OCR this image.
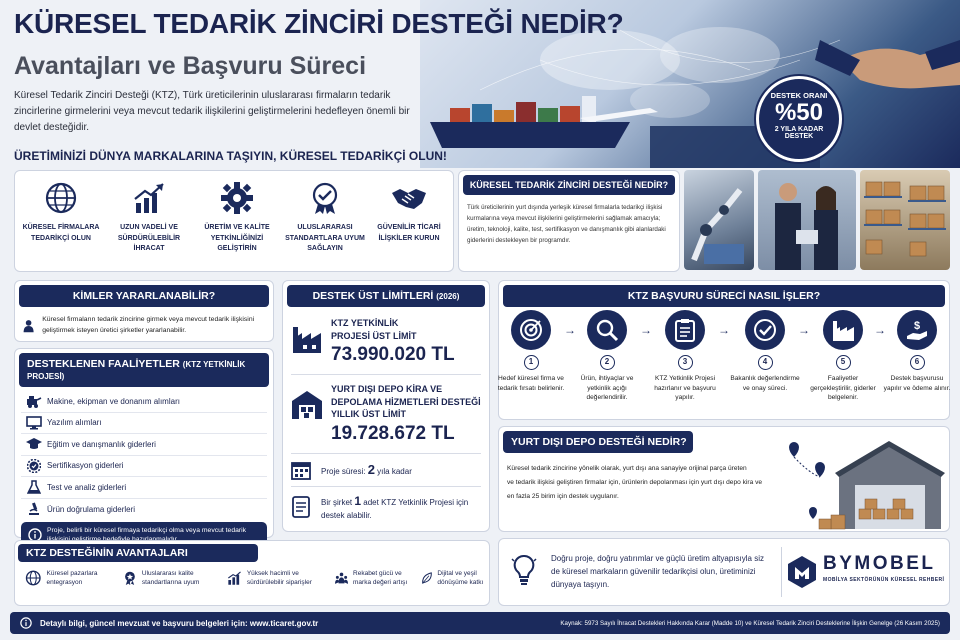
KÜRESEL TEDARİK ZİNCİRİ DESTEĞİ NEDİR?
Avantajları ve Başvuru Süreci
Küresel Tedarik Zinciri Desteği (KTZ), Türk üreticilerinin uluslararası firmaların tedarik zincirlerine girmelerini veya mevcut tedarik ilişkilerini geliştirmelerini hedefleyen önemli bir devlet desteğidir.
ÜRETİMİNİZİ DÜNYA MARKALARINA TAŞIYIN, KÜRESEL TEDARİKÇİ OLUN!
DESTEK ORANI
%50
2 YILA KADAR
DESTEK
KÜRESEL FİRMALARA TEDARİKÇİ OLUN
UZUN VADELİ VE SÜRDÜRÜLEBİLİR İHRACAT
ÜRETİM VE KALİTE YETKİNLİĞİNİZİ GELİŞTİRİN
ULUSLARARASI STANDARTLARA UYUM SAĞLAYIN
GÜVENİLİR TİCARİ İLİŞKİLER KURUN
KÜRESEL TEDARİK ZİNCİRİ DESTEĞİ NEDİR?
Türk üreticilerinin yurt dışında yerleşik küresel firmalarla tedarikçi ilişkisi kurmalarına veya mevcut ilişkilerini geliştirmelerini sağlamak amacıyla; üretim, teknoloji, kalite, test, sertifikasyon ve danışmanlık gibi alanlardaki giderlerini destekleyen bir programdır.
KİMLER YARARLANABİLİR?
Küresel firmaların tedarik zincirine girmek veya mevcut tedarik ilişkisini geliştirmek isteyen üretici şirketler yararlanabilir.
DESTEKLENEN FAALİYETLER (KTZ YETKİNLİK PROJESİ)
Makine, ekipman ve donanım alımları
Yazılım alımları
Eğitim ve danışmanlık giderleri
Sertifikasyon giderleri
Test ve analiz giderleri
Ürün doğrulama giderleri
Proje, belirli bir küresel firmaya tedarikçi olma veya mevcut tedarik
DESTEK ÜST LİMİTLERİ (2026)
KTZ YETKİNLİK PROJESİ ÜST LİMİT
73.990.020 TL
YURT DIŞI DEPO KİRA VE DEPOLAMA HİZMETLERİ DESTEĞİ YILLIK ÜST LİMİT
19.728.672 TL
Proje süresi: 2 yıla kadar
Bir şirket 1 adet KTZ Yetkinlik Projesi için destek alabilir.
KTZ BAŞVURU SÜRECİ NASIL İŞLER?
1
Hedef küresel firma ve tedarik fırsatı belirlenir.
→
2
Ürün, ihtiyaçlar ve yetkinlik açığı değerlendirilir.
→
3
KTZ Yetkinlik Projesi hazırlanır ve başvuru yapılır.
→
4
Bakanlık değerlendirme ve onay süreci.
→
5
Faaliyetler gerçekleştirilir, giderler belgelenir.
→	$
6
Destek başvurusu yapılır ve ödeme alınır.
YURT DIŞI DEPO DESTEĞİ NEDİR?
Küresel tedarik zincirine yönelik olarak, yurt dışı ana sanayiye orijinal parça üreten
ve tedarik ilişkisi geliştiren firmalar için, ürünlerin depolanması için yurt dışı depo kira ve
en fazla 25 birim için destek uygulanır.
KTZ DESTEĞİNİN AVANTAJLARI
Küresel pazarlara entegrasyon
Uluslararası kalite standartlarına uyum
Yüksek hacimli ve sürdürülebilir siparişler
Rekabet gücü ve marka değeri artışı
Dijital ve yeşil dönüşüme katkı
Doğru proje, doğru yatırımlar ve güçlü üretim altyapısıyla siz de küresel markaların güvenilir tedarikçisi olun, üretiminizi dünyaya taşıyın.
BYMOBEL
MOBİLYA SEKTÖRÜNÜN KÜRESEL REHBERİ
Detaylı bilgi, güncel mevzuat ve başvuru belgeleri için: www.ticaret.gov.tr	Kaynak: 5973 Sayılı İhracat Destekleri Hakkında Karar (Madde 10) ve Küresel Tedarik Zinciri Desteklerine İlişkin Genelge (26 Kasım 2025)
